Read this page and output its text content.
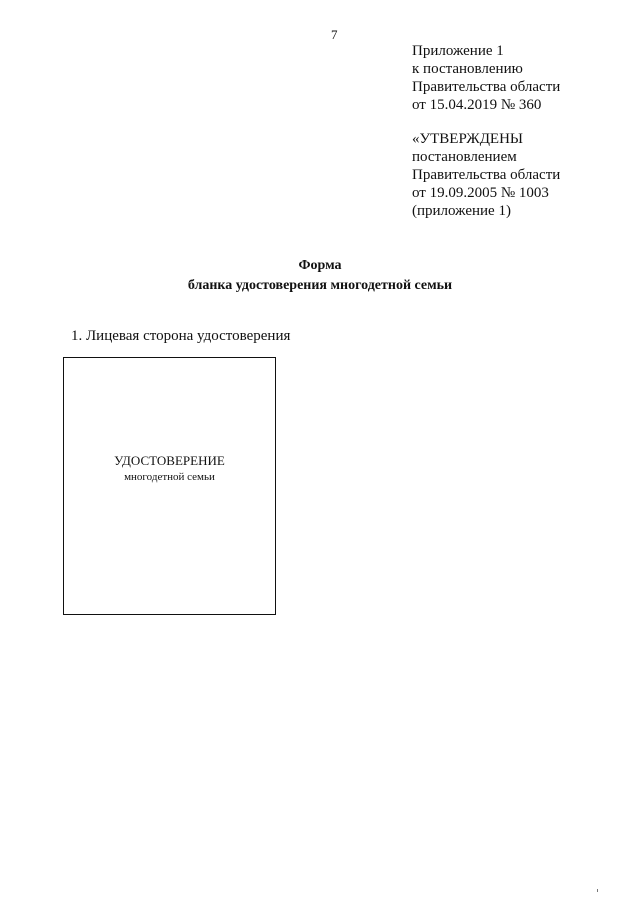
7
Приложение 1
к постановлению
Правительства области
от 15.04.2019 № 360
«УТВЕРЖДЕНЫ
постановлением
Правительства области
от 19.09.2005 № 1003
(приложение 1)
Форма
бланка удостоверения многодетной семьи
1. Лицевая сторона удостоверения
УДОСТОВЕРЕНИЕ
многодетной семьи
